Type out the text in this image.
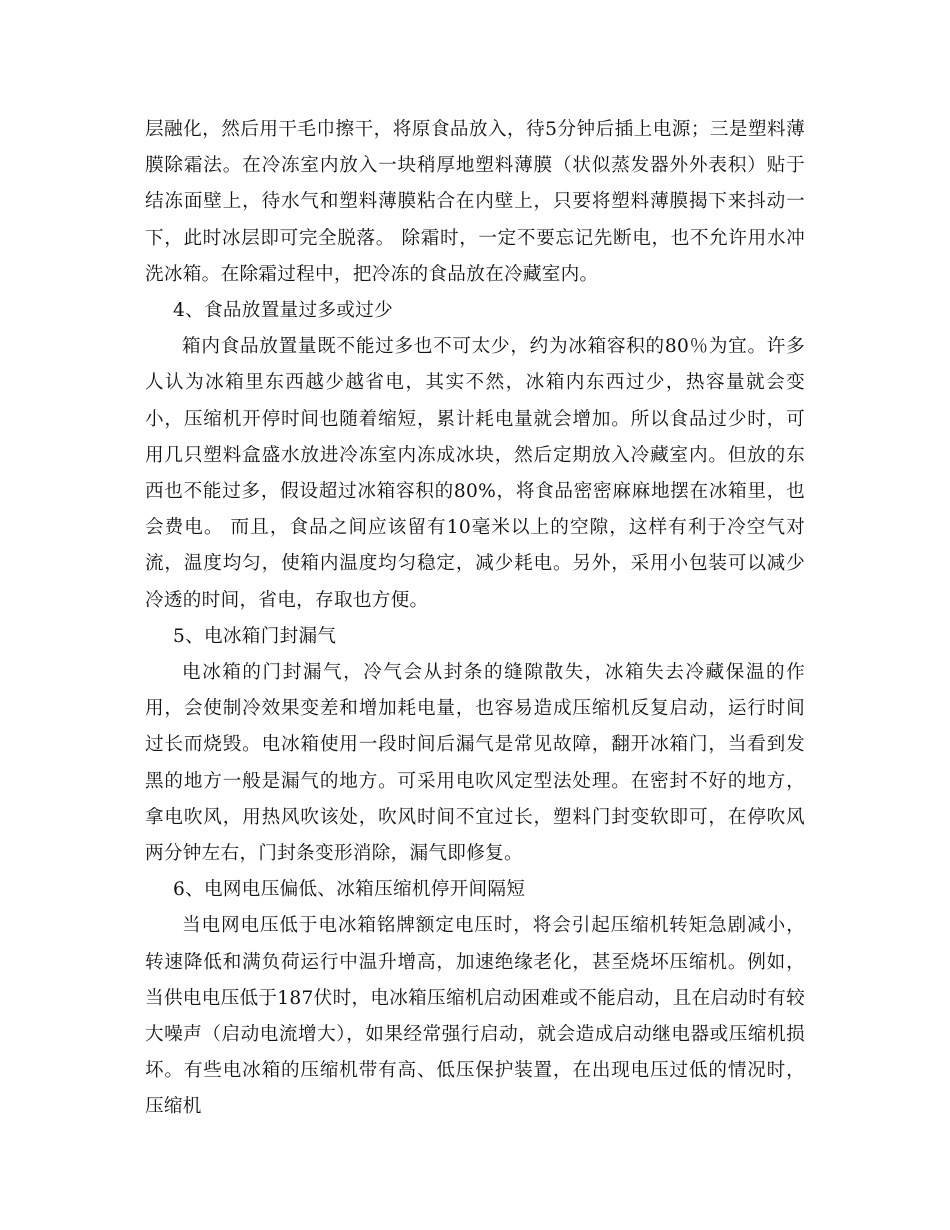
层融化，然后用干毛巾擦干，将原食品放入，待5分钟后插上电源；三是塑料薄膜除霜法。在冷冻室内放入一块稍厚地塑料薄膜（状似蒸发器外外表积）贴于结冻面壁上，待水气和塑料薄膜粘合在内壁上，只要将塑料薄膜揭下来抖动一下，此时冰层即可完全脱落。 除霜时，一定不要忘记先断电，也不允许用水冲洗冰箱。在除霜过程中，把冷冻的食品放在冷藏室内。

4、食品放置量过多或过少

箱内食品放置量既不能过多也不可太少，约为冰箱容积的80％为宜。许多人认为冰箱里东西越少越省电，其实不然，冰箱内东西过少，热容量就会变小，压缩机开停时间也随着缩短，累计耗电量就会增加。所以食品过少时，可用几只塑料盒盛水放进冷冻室内冻成冰块，然后定期放入冷藏室内。但放的东西也不能过多，假设超过冰箱容积的80%，将食品密密麻麻地摆在冰箱里，也会费电。 而且，食品之间应该留有10毫米以上的空隙，这样有利于冷空气对流，温度均匀，使箱内温度均匀稳定，减少耗电。另外，采用小包装可以减少冷透的时间，省电，存取也方便。

5、电冰箱门封漏气

电冰箱的门封漏气，冷气会从封条的缝隙散失，冰箱失去冷藏保温的作用，会使制冷效果变差和增加耗电量，也容易造成压缩机反复启动，运行时间过长而烧毁。电冰箱使用一段时间后漏气是常见故障，翻开冰箱门，当看到发黑的地方一般是漏气的地方。可采用电吹风定型法处理。在密封不好的地方，拿电吹风，用热风吹该处，吹风时间不宜过长，塑料门封变软即可，在停吹风两分钟左右，门封条变形消除，漏气即修复。

6、电网电压偏低、冰箱压缩机停开间隔短

当电网电压低于电冰箱铭牌额定电压时，将会引起压缩机转矩急剧减小，转速降低和满负荷运行中温升增高，加速绝缘老化，甚至烧坏压缩机。例如，当供电电压低于187伏时，电冰箱压缩机启动困难或不能启动，且在启动时有较大噪声（启动电流增大），如果经常强行启动，就会造成启动继电器或压缩机损坏。有些电冰箱的压缩机带有高、低压保护装置，在出现电压过低的情况时，压缩机
